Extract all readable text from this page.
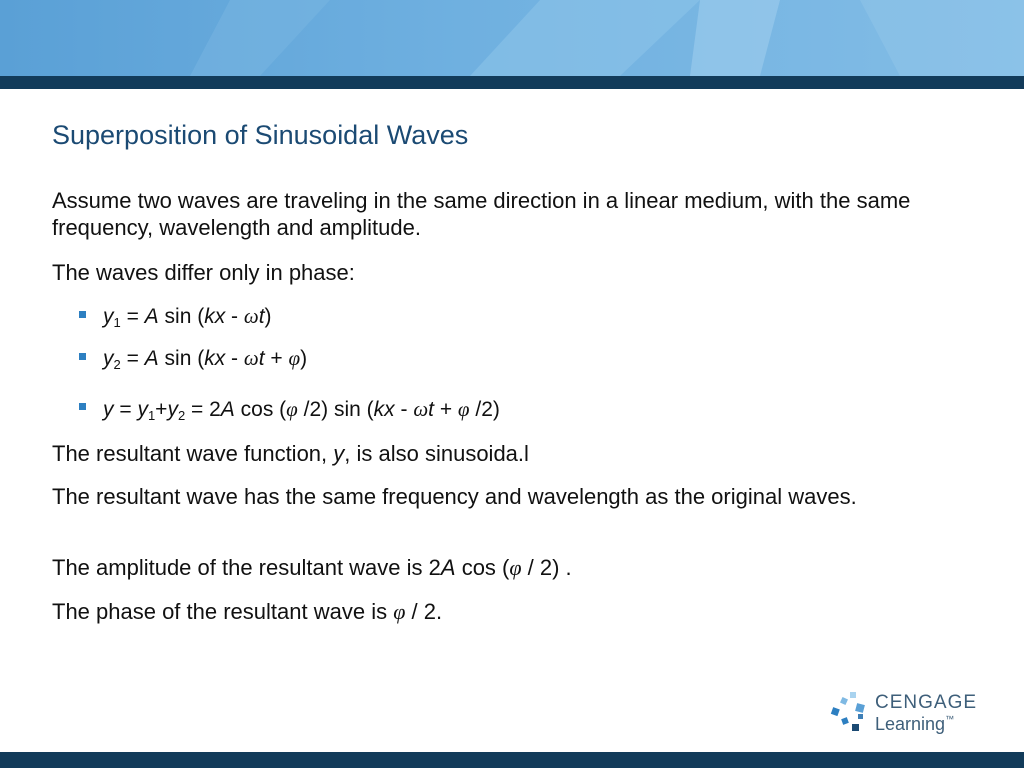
Superposition of Sinusoidal Waves
Assume two waves are traveling in the same direction in a linear medium, with the same frequency, wavelength and amplitude.
The waves differ only in phase:
$y_1 = A$ sin (kx - ωt)
$y_2 = A$ sin (kx - ωt + φ)
$y = y_1+y_2 = 2A$ cos (φ /2) sin (kx - ωt + φ /2)
The resultant wave function, y, is also sinusoida.l
The resultant wave has the same frequency and wavelength as the original waves.
The amplitude of the resultant wave is 2A cos (φ / 2) .
The phase of the resultant wave is φ / 2.
CENGAGE
Learning™
